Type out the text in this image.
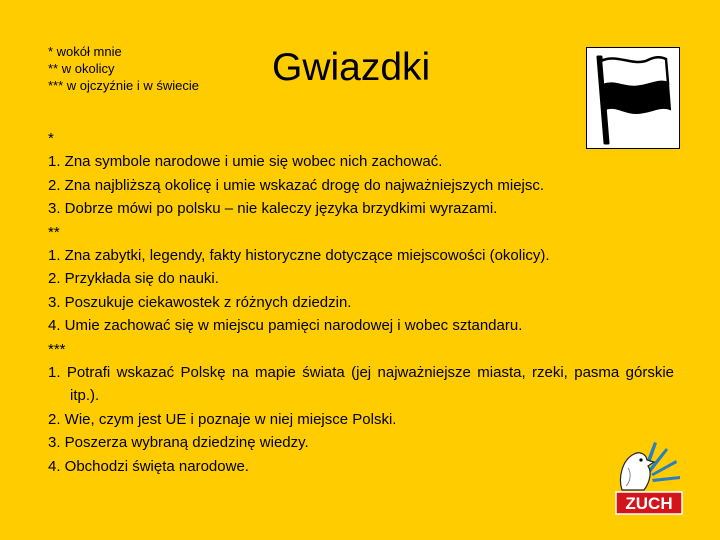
* wokół mnie
** w okolicy
*** w ojczyźnie i w świecie Gwiazdki
*
1. Zna symbole narodowe i umie się wobec nich zachować.
2. Zna najbliższą okolicę i umie wskazać drogę do najważniejszych miejsc.
3. Dobrze mówi po polsku – nie kaleczy języka brzydkimi wyrazami.
**
1. Zna zabytki, legendy, fakty historyczne dotyczące miejscowości (okolicy).
2. Przykłada się do nauki.
3. Poszukuje ciekawostek z różnych dziedzin.
4. Umie zachować się w miejscu pamięci narodowej i wobec sztandaru.
***
1. Potrafi wskazać Polskę na mapie świata (jej najważniejsze miasta, rzeki, pasma górskie itp.).
2. Wie, czym jest UE i poznaje w niej miejsce Polski.
3. Poszerza wybraną dziedzinę wiedzy.
4. Obchodzi święta narodowe.
ZUCH
